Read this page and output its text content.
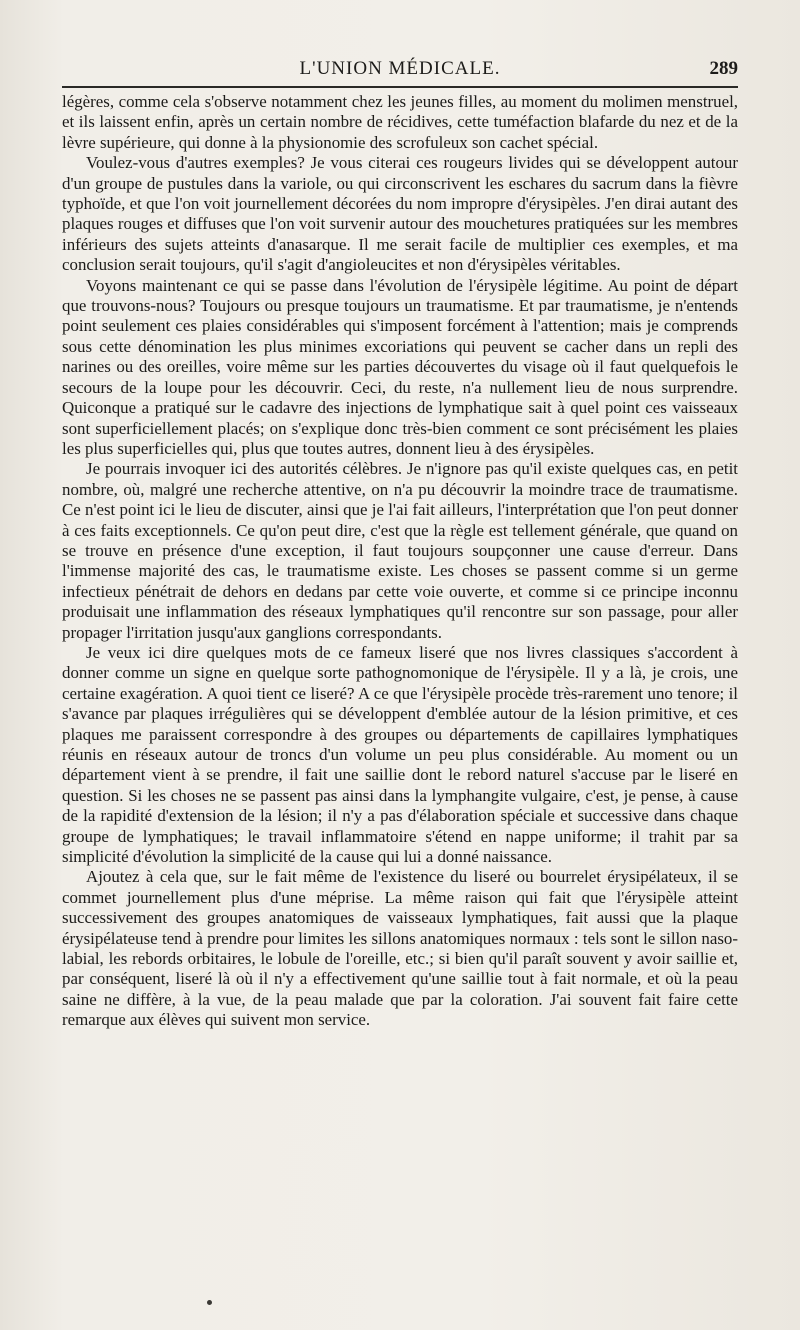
L'UNION MÉDICALE.	289

légères, comme cela s'observe notamment chez les jeunes filles, au moment du molimen menstruel, et ils laissent enfin, après un certain nombre de récidives, cette tuméfaction blafarde du nez et de la lèvre supérieure, qui donne à la physionomie des scrofuleux son cachet spécial.

Voulez-vous d'autres exemples? Je vous citerai ces rougeurs livides qui se développent autour d'un groupe de pustules dans la variole, ou qui circonscrivent les eschares du sacrum dans la fièvre typhoïde, et que l'on voit journellement décorées du nom impropre d'érysipèles. J'en dirai autant des plaques rouges et diffuses que l'on voit survenir autour des mouchetures pratiquées sur les membres inférieurs des sujets atteints d'anasarque. Il me serait facile de multiplier ces exemples, et ma conclusion serait toujours, qu'il s'agit d'angioleucites et non d'érysipèles véritables.

Voyons maintenant ce qui se passe dans l'évolution de l'érysipèle légitime. Au point de départ que trouvons-nous? Toujours ou presque toujours un traumatisme. Et par traumatisme, je n'entends point seulement ces plaies considérables qui s'imposent forcément à l'attention; mais je comprends sous cette dénomination les plus minimes excoriations qui peuvent se cacher dans un repli des narines ou des oreilles, voire même sur les parties découvertes du visage où il faut quelquefois le secours de la loupe pour les découvrir. Ceci, du reste, n'a nullement lieu de nous surprendre. Quiconque a pratiqué sur le cadavre des injections de lymphatique sait à quel point ces vaisseaux sont superficiellement placés; on s'explique donc très-bien comment ce sont précisément les plaies les plus superficielles qui, plus que toutes autres, donnent lieu à des érysipèles.

Je pourrais invoquer ici des autorités célèbres. Je n'ignore pas qu'il existe quelques cas, en petit nombre, où, malgré une recherche attentive, on n'a pu découvrir la moindre trace de traumatisme. Ce n'est point ici le lieu de discuter, ainsi que je l'ai fait ailleurs, l'interprétation que l'on peut donner à ces faits exceptionnels. Ce qu'on peut dire, c'est que la règle est tellement générale, que quand on se trouve en présence d'une exception, il faut toujours soupçonner une cause d'erreur. Dans l'immense majorité des cas, le traumatisme existe. Les choses se passent comme si un germe infectieux pénétrait de dehors en dedans par cette voie ouverte, et comme si ce principe inconnu produisait une inflammation des réseaux lymphatiques qu'il rencontre sur son passage, pour aller propager l'irritation jusqu'aux ganglions correspondants.

Je veux ici dire quelques mots de ce fameux liseré que nos livres classiques s'accordent à donner comme un signe en quelque sorte pathognomonique de l'érysipèle. Il y a là, je crois, une certaine exagération. A quoi tient ce liseré? A ce que l'érysipèle procède très-rarement uno tenore; il s'avance par plaques irrégulières qui se développent d'emblée autour de la lésion primitive, et ces plaques me paraissent correspondre à des groupes ou départements de capillaires lymphatiques réunis en réseaux autour de troncs d'un volume un peu plus considérable. Au moment ou un département vient à se prendre, il fait une saillie dont le rebord naturel s'accuse par le liseré en question. Si les choses ne se passent pas ainsi dans la lymphangite vulgaire, c'est, je pense, à cause de la rapidité d'extension de la lésion; il n'y a pas d'élaboration spéciale et successive dans chaque groupe de lymphatiques; le travail inflammatoire s'étend en nappe uniforme; il trahit par sa simplicité d'évolution la simplicité de la cause qui lui a donné naissance.

Ajoutez à cela que, sur le fait même de l'existence du liseré ou bourrelet érysipélateux, il se commet journellement plus d'une méprise. La même raison qui fait que l'érysipèle atteint successivement des groupes anatomiques de vaisseaux lymphatiques, fait aussi que la plaque érysipélateuse tend à prendre pour limites les sillons anatomiques normaux : tels sont le sillon naso-labial, les rebords orbitaires, le lobule de l'oreille, etc.; si bien qu'il paraît souvent y avoir saillie et, par conséquent, liseré là où il n'y a effectivement qu'une saillie tout à fait normale, et où la peau saine ne diffère, à la vue, de la peau malade que par la coloration. J'ai souvent fait faire cette remarque aux élèves qui suivent mon service.
